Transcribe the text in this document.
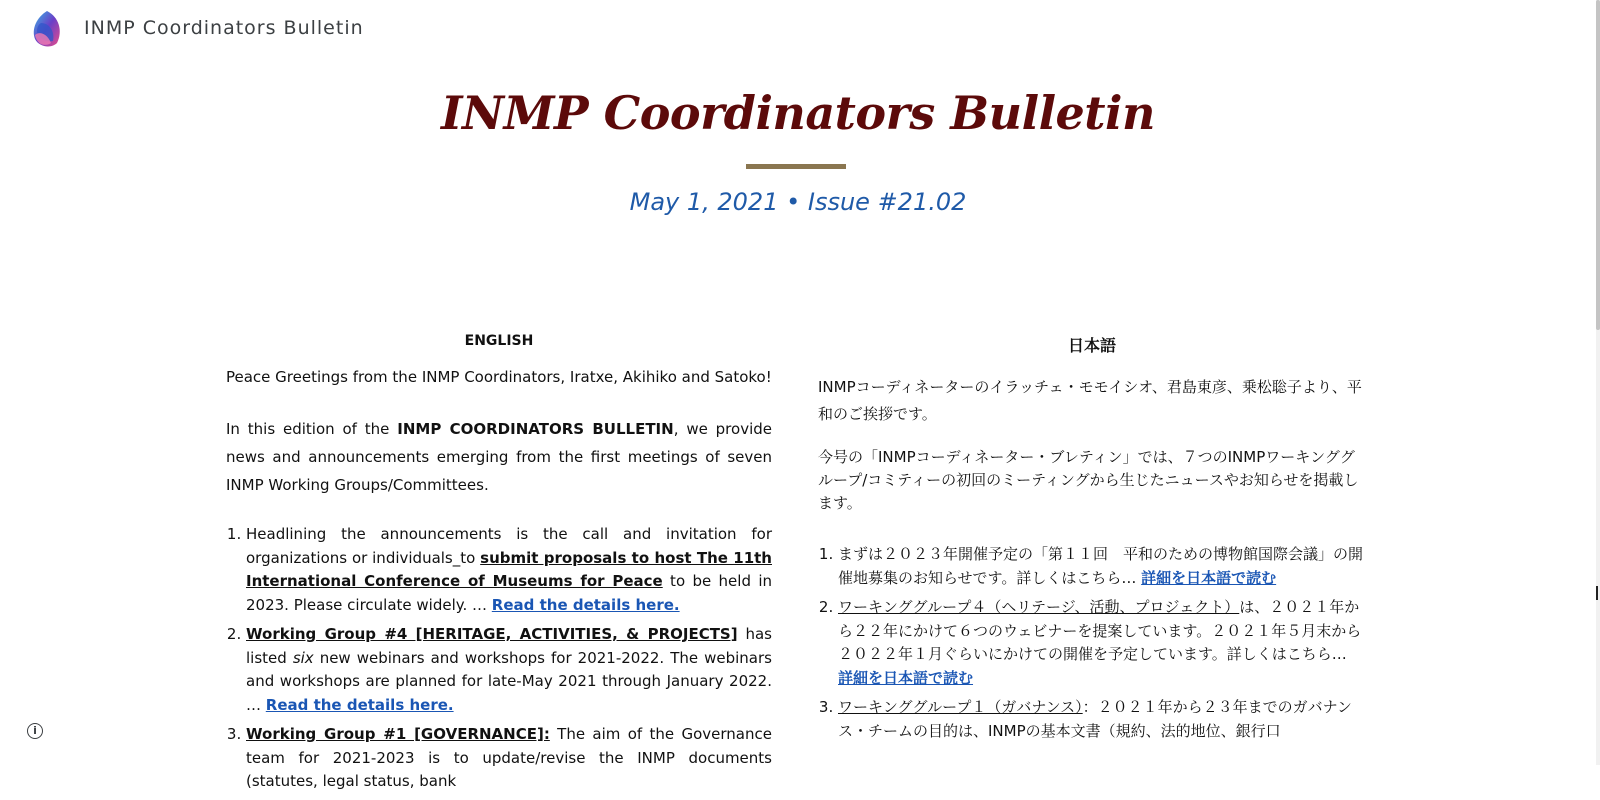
INMP Coordinators Bulletin
INMP Coordinators Bulletin
May 1, 2021 • Issue #21.02
ENGLISH

Peace Greetings from the INMP Coordinators, Iratxe, Akihiko and Satoko!

In this edition of the INMP COORDINATORS BULLETIN, we provide news and announcements emerging from the first meetings of seven INMP Working Groups/Committees.

1. Headlining the announcements is the call and invitation for organizations or individuals_to submit proposals to host The 11th International Conference of Museums for Peace to be held in 2023. Please circulate widely. … Read the details here.
2. Working Group #4 [HERITAGE, ACTIVITIES, & PROJECTS] has listed six new webinars and workshops for 2021-2022. The webinars and workshops are planned for late-May 2021 through January 2022. … Read the details here.
3. Working Group #1 [GOVERNANCE]: The aim of the Governance team for 2021-2023 is to update/revise the INMP documents (statutes, legal status, bank
日本語

INMPコーディネーターのイラッチェ・モモイシオ、君島東彦、乗松聡子より、平和のご挨拶です。

今号の「INMPコーディネーター・ブレティン」では、７つのINMPワーキンググループ/コミティーの初回のミーティングから生じたニュースやお知らせを掲載します。

1. まずは２０２３年開催予定の「第１１回　平和のための博物館国際会議」の開催地募集のお知らせです。詳しくはこちら… 詳細を日本語で読む
2. ワーキンググループ４（ヘリテージ、活動、プロジェクト）は、２０２１年から２２年にかけて６つのウェビナーを提案しています。２０２１年５月末から２０２２年１月ぐらいにかけての開催を予定しています。詳しくはこちら… 詳細を日本語で読む
3. ワーキンググループ１（ガバナンス）：２０２１年から２３年までのガバナンス・チームの目的は、INMPの基本文書（規約、法的地位、銀行口
i
